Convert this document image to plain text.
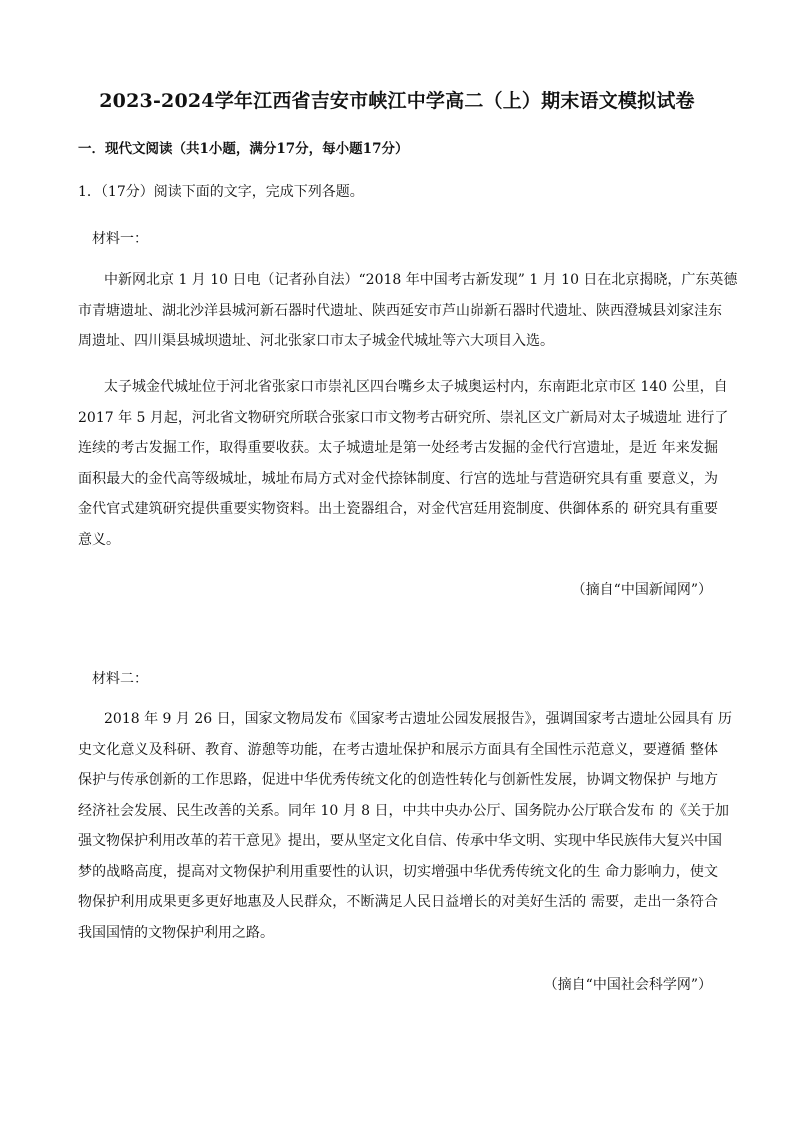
2023-2024学年江西省吉安市峡江中学高二（上）期末语文模拟试卷
一．现代文阅读（共1小题，满分17分，每小题17分）
1．（17分）阅读下面的文字，完成下列各题。
材料一：
中新网北京 1 月 10 日电（记者孙自法）“2018 年中国考古新发现” 1 月 10 日在北京揭晓，广东英德
市青塘遗址、湖北沙洋县城河新石器时代遗址、陕西延安市芦山峁新石器时代遗址、陕西澄城县刘家洼东
周遗址、四川渠县城坝遗址、河北张家口市太子城金代城址等六大项目入选。
太子城金代城址位于河北省张家口市崇礼区四台嘴乡太子城奥运村内，东南距北京市区 140 公里，自
2017 年 5 月起，河北省文物研究所联合张家口市文物考古研究所、崇礼区文广新局对太子城遗址 进行了
连续的考古发掘工作，取得重要收获。太子城遗址是第一处经考古发掘的金代行宫遗址，是近 年来发掘
面积最大的金代高等级城址，城址布局方式对金代捺钵制度、行宫的选址与营造研究具有重 要意义，为
金代官式建筑研究提供重要实物资料。出土瓷器组合，对金代宫廷用瓷制度、供御体系的 研究具有重要
意义。
（摘自“中国新闻网”）
材料二：
2018 年 9 月 26 日，国家文物局发布《国家考古遗址公园发展报告》，强调国家考古遗址公园具有 历
史文化意义及科研、教育、游憩等功能，在考古遗址保护和展示方面具有全国性示范意义，要遵循 整体
保护与传承创新的工作思路，促进中华优秀传统文化的创造性转化与创新性发展，协调文物保护 与地方
经济社会发展、民生改善的关系。同年 10 月 8 日，中共中央办公厅、国务院办公厅联合发布 的《关于加
强文物保护利用改革的若干意见》提出，要从坚定文化自信、传承中华文明、实现中华民族伟大复兴中国
梦的战略高度，提高对文物保护利用重要性的认识，切实增强中华优秀传统文化的生 命力影响力，使文
物保护利用成果更多更好地惠及人民群众，不断满足人民日益增长的对美好生活的 需要，走出一条符合
我国国情的文物保护利用之路。
（摘自“中国社会科学网”）
